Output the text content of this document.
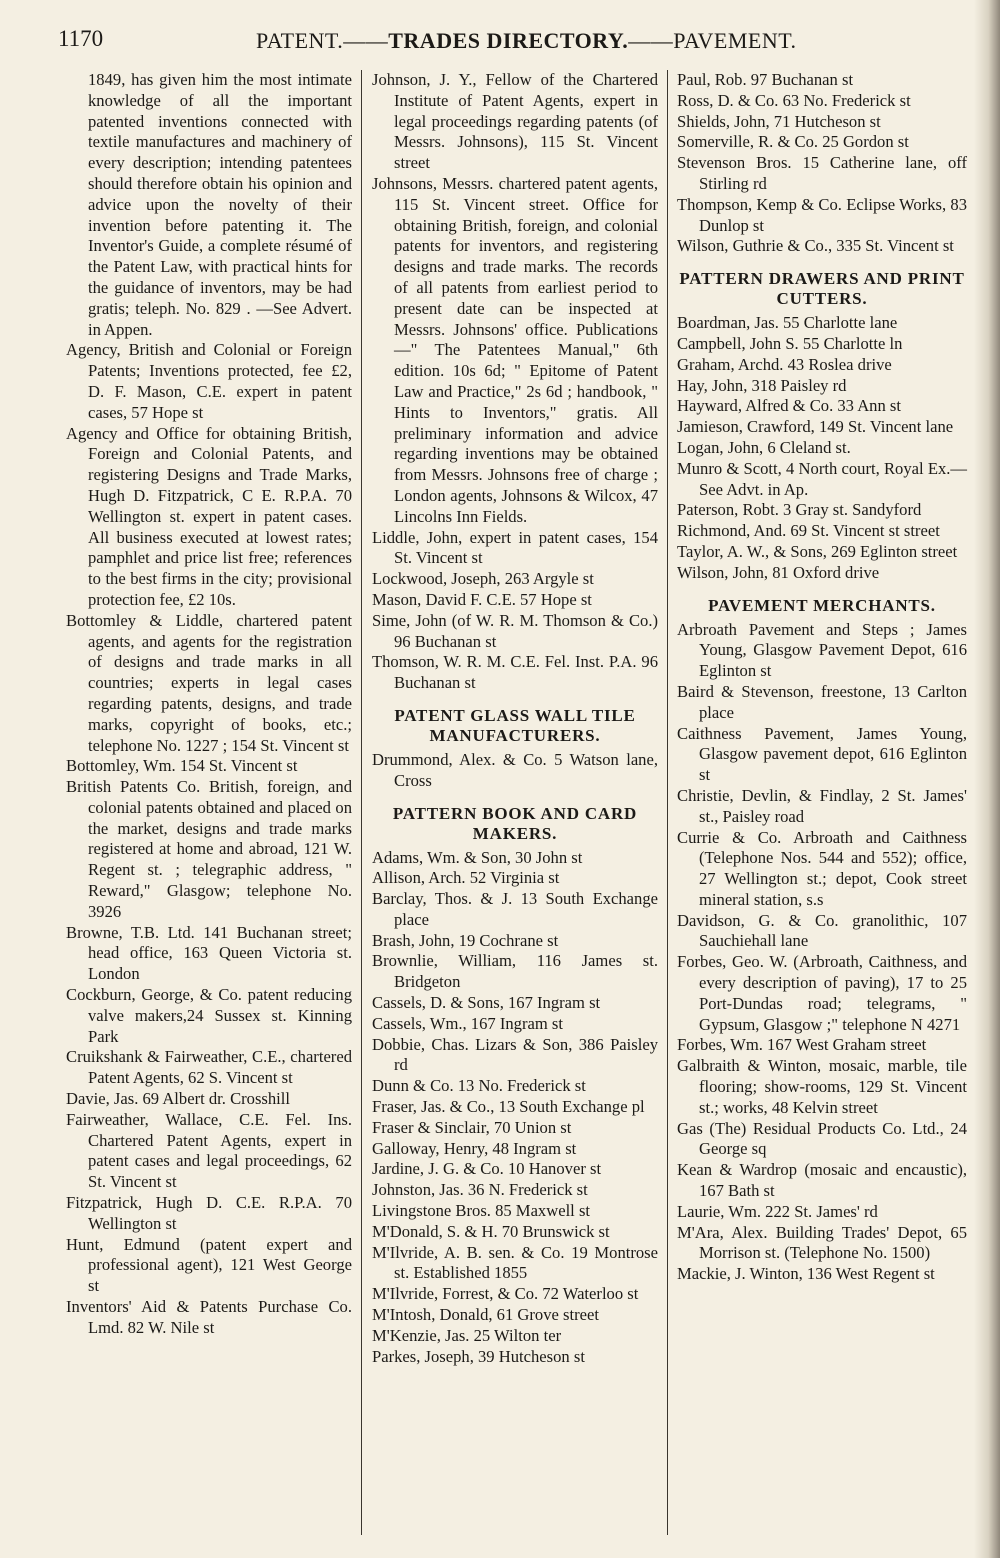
1170	PATENT.——TRADES DIRECTORY.——PAVEMENT.

1849, has given him the most intimate knowledge of all the important patented inventions connected with textile manufactures and machinery of every description; intending patentees should therefore obtain his opinion and advice upon the novelty of their invention before patenting it. The Inventor's Guide, a complete résumé of the Patent Law, with practical hints for the guidance of inventors, may be had gratis; teleph. No. 829 . —See Advert. in Appen.

Agency, British and Colonial or Foreign Patents; Inventions protected, fee £2, D. F. Mason, C.E. expert in patent cases, 57 Hope st

Agency and Office for obtaining British, Foreign and Colonial Patents, and registering Designs and Trade Marks, Hugh D. Fitzpatrick, C E. R.P.A. 70 Wellington st. expert in patent cases. All business executed at lowest rates; pamphlet and price list free; references to the best firms in the city; provisional protection fee, £2 10s.

Bottomley & Liddle, chartered patent agents, and agents for the registration of designs and trade marks in all countries; experts in legal cases regarding patents, designs, and trade marks, copyright of books, etc.; telephone No. 1227 ; 154 St. Vincent st

Bottomley, Wm. 154 St. Vincent st

British Patents Co. British, foreign, and colonial patents obtained and placed on the market, designs and trade marks registered at home and abroad, 121 W. Regent st. ; telegraphic address, " Reward," Glasgow; telephone No. 3926

Browne, T.B. Ltd. 141 Buchanan street; head office, 163 Queen Victoria st. London

Cockburn, George, & Co. patent reducing valve makers,24 Sussex st. Kinning Park

Cruikshank & Fairweather, C.E., chartered Patent Agents, 62 S. Vincent st

Davie, Jas. 69 Albert dr. Crosshill

Fairweather, Wallace, C.E. Fel. Ins. Chartered Patent Agents, expert in patent cases and legal proceedings, 62 St. Vincent st

Fitzpatrick, Hugh D. C.E. R.P.A. 70 Wellington st

Hunt, Edmund (patent expert and professional agent), 121 West George st

Inventors' Aid & Patents Purchase Co. Lmd. 82 W. Nile st

Johnson, J. Y., Fellow of the Chartered Institute of Patent Agents, expert in legal proceedings regarding patents (of Messrs. Johnsons), 115 St. Vincent street

Johnsons, Messrs. chartered patent agents, 115 St. Vincent street. Office for obtaining British, foreign, and colonial patents for inventors, and registering designs and trade marks. The records of all patents from earliest period to present date can be inspected at Messrs. Johnsons' office. Publications—" The Patentees Manual," 6th edition. 10s 6d; " Epitome of Patent Law and Practice," 2s 6d ; handbook, " Hints to Inventors," gratis. All preliminary information and advice regarding inventions may be obtained from Messrs. Johnsons free of charge ; London agents, Johnsons & Wilcox, 47 Lincolns Inn Fields.

Liddle, John, expert in patent cases, 154 St. Vincent st

Lockwood, Joseph, 263 Argyle st

Mason, David F. C.E. 57 Hope st

Sime, John (of W. R. M. Thomson & Co.) 96 Buchanan st

Thomson, W. R. M. C.E. Fel. Inst. P.A. 96 Buchanan st

PATENT GLASS WALL TILE MANUFACTURERS.

Drummond, Alex. & Co. 5 Watson lane, Cross

PATTERN BOOK AND CARD MAKERS.

Adams, Wm. & Son, 30 John st

Allison, Arch. 52 Virginia st

Barclay, Thos. & J. 13 South Exchange place

Brash, John, 19 Cochrane st

Brownlie, William, 116 James st. Bridgeton

Cassels, D. & Sons, 167 Ingram st

Cassels, Wm., 167 Ingram st

Dobbie, Chas. Lizars & Son, 386 Paisley rd

Dunn & Co. 13 No. Frederick st

Fraser, Jas. & Co., 13 South Exchange pl

Fraser & Sinclair, 70 Union st

Galloway, Henry, 48 Ingram st

Jardine, J. G. & Co. 10 Hanover st

Johnston, Jas. 36 N. Frederick st

Livingstone Bros. 85 Maxwell st

M'Donald, S. & H. 70 Brunswick st

M'Ilvride, A. B. sen. & Co. 19 Montrose st. Established 1855

M'Ilvride, Forrest, & Co. 72 Waterloo st

M'Intosh, Donald, 61 Grove street

M'Kenzie, Jas. 25 Wilton ter

Parkes, Joseph, 39 Hutcheson st

Paul, Rob. 97 Buchanan st

Ross, D. & Co. 63 No. Frederick st

Shields, John, 71 Hutcheson st

Somerville, R. & Co. 25 Gordon st

Stevenson Bros. 15 Catherine lane, off Stirling rd

Thompson, Kemp & Co. Eclipse Works, 83 Dunlop st

Wilson, Guthrie & Co., 335 St. Vincent st

PATTERN DRAWERS AND PRINT CUTTERS.

Boardman, Jas. 55 Charlotte lane

Campbell, John S. 55 Charlotte ln

Graham, Archd. 43 Roslea drive

Hay, John, 318 Paisley rd

Hayward, Alfred & Co. 33 Ann st

Jamieson, Crawford, 149 St. Vincent lane

Logan, John, 6 Cleland st.

Munro & Scott, 4 North court, Royal Ex.—See Advt. in Ap.

Paterson, Robt. 3 Gray st. Sandyford

Richmond, And. 69 St. Vincent st street

Taylor, A. W., & Sons, 269 Eglinton street

Wilson, John, 81 Oxford drive

PAVEMENT MERCHANTS.

Arbroath Pavement and Steps ; James Young, Glasgow Pavement Depot, 616 Eglinton st

Baird & Stevenson, freestone, 13 Carlton place

Caithness Pavement, James Young, Glasgow pavement depot, 616 Eglinton st

Christie, Devlin, & Findlay, 2 St. James' st., Paisley road

Currie & Co. Arbroath and Caithness (Telephone Nos. 544 and 552); office, 27 Wellington st.; depot, Cook street mineral station, s.s

Davidson, G. & Co. granolithic, 107 Sauchiehall lane

Forbes, Geo. W. (Arbroath, Caithness, and every description of paving), 17 to 25 Port-Dundas road; telegrams, " Gypsum, Glasgow ;" telephone N 4271

Forbes, Wm. 167 West Graham street

Galbraith & Winton, mosaic, marble, tile flooring; show-rooms, 129 St. Vincent st.; works, 48 Kelvin street

Gas (The) Residual Products Co. Ltd., 24 George sq

Kean & Wardrop (mosaic and encaustic), 167 Bath st

Laurie, Wm. 222 St. James' rd

M'Ara, Alex. Building Trades' Depot, 65 Morrison st. (Telephone No. 1500)

Mackie, J. Winton, 136 West Regent st
